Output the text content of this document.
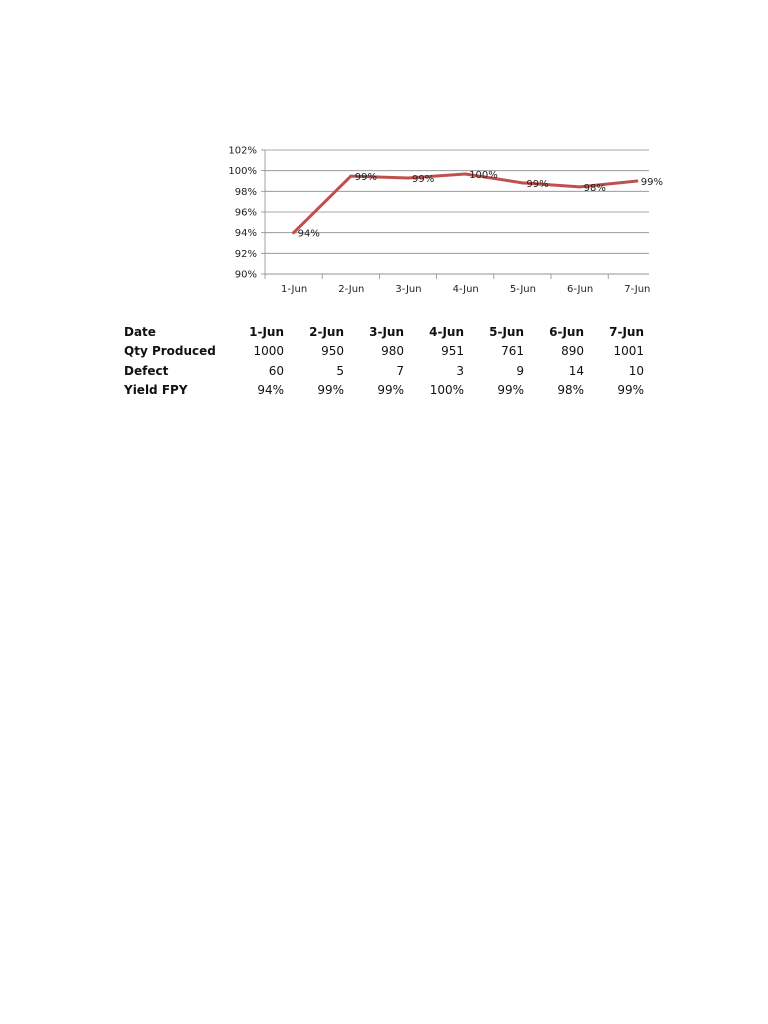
90%
92%
94%
96%
98%
100%
102%
1-Jun	2-Jun	3-Jun	4-Jun	5-Jun	6-Jun	7-Jun
94%
99%	99%	100%
99%	98%
99%
Date	1-Jun	2-Jun	3-Jun	4-Jun	5-Jun	6-Jun	7-Jun
Qty Produced	1000	950	980	951	761	890	1001
Defect	60	5	7	3	9	14	10
Yield FPY	94%	99%	99%	100%	99%	98%	99%
